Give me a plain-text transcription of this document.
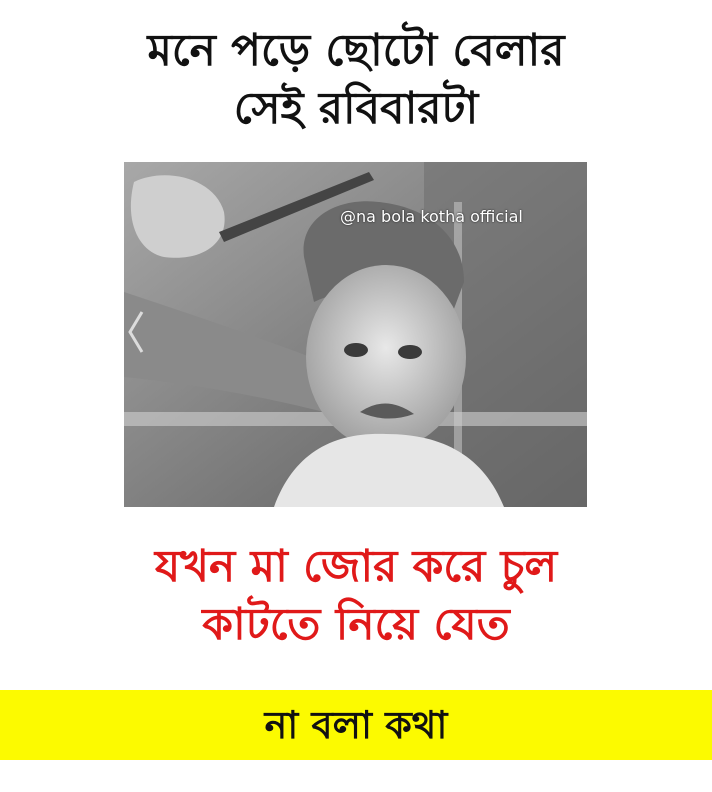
মনে পড়ে ছোটো বেলার
সেই রবিবারটা
@na bola kotha official
যখন মা জোর করে চুল
কাটতে নিয়ে যেত
না বলা কথা
